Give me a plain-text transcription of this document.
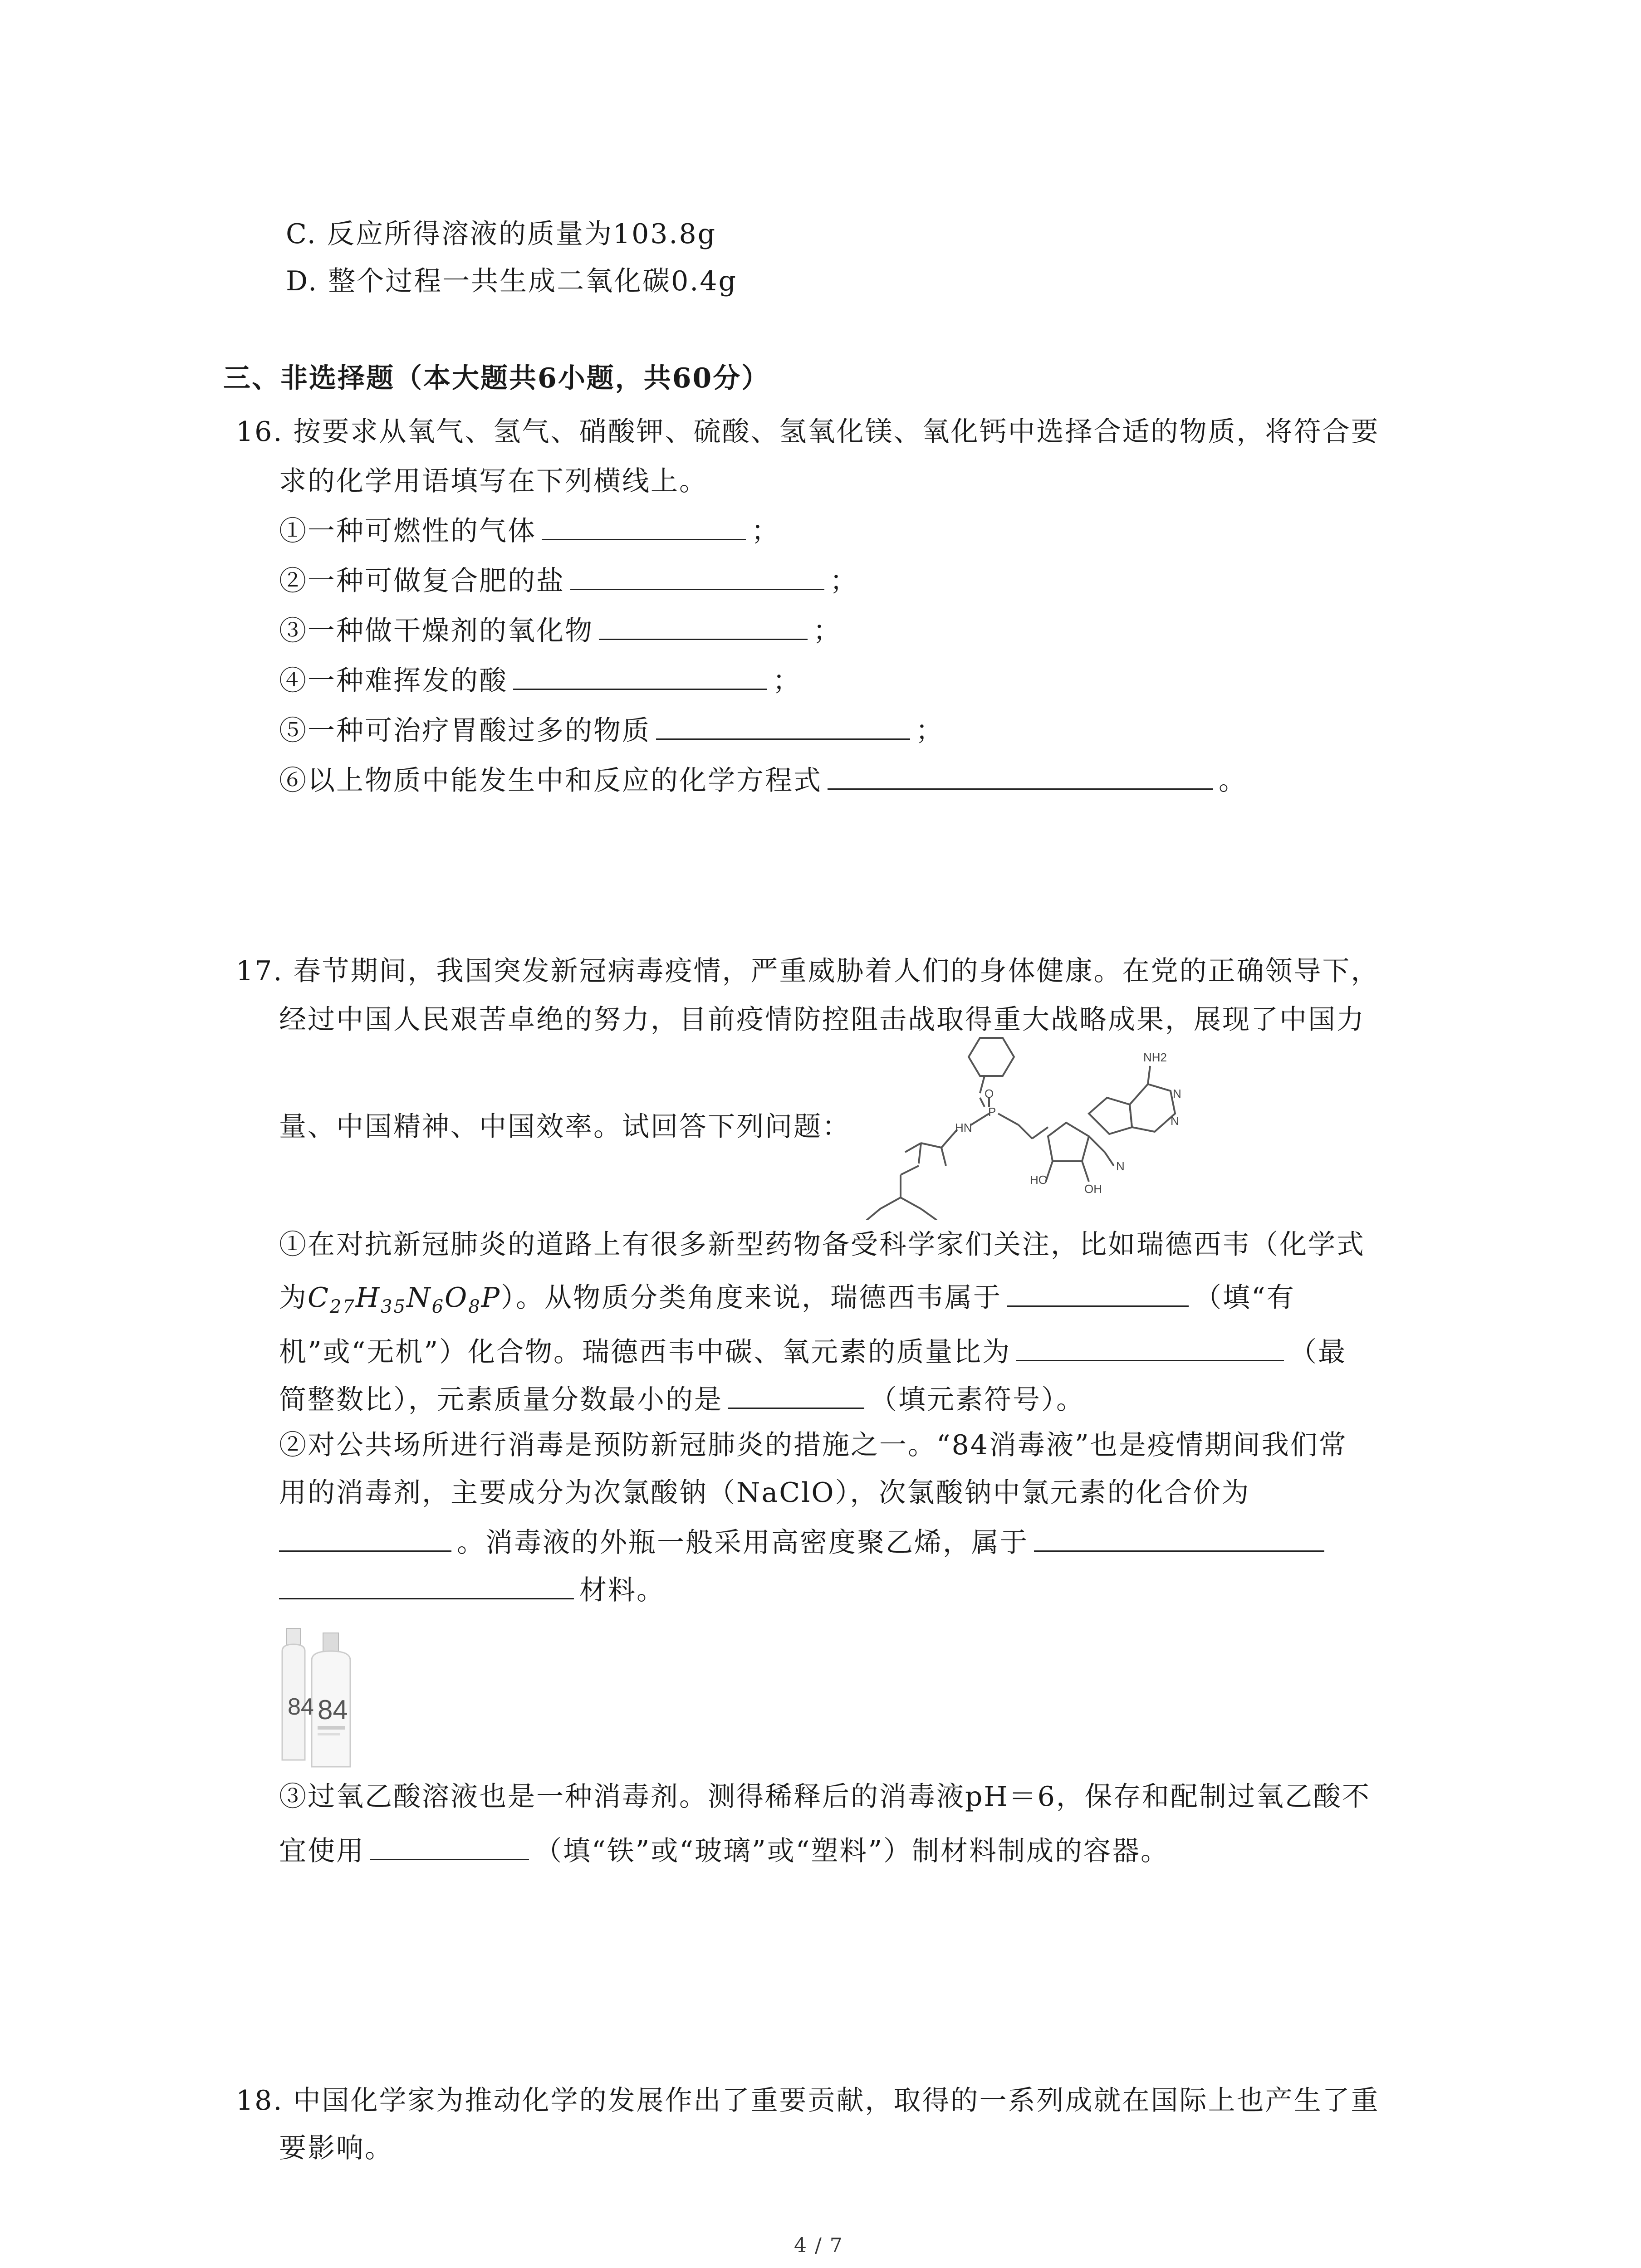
C. 反应所得溶液的质量为103.8g
D. 整个过程一共生成二氧化碳0.4g
三、非选择题（本大题共6小题，共60分）
16. 按要求从氧气、氢气、硝酸钾、硫酸、氢氧化镁、氧化钙中选择合适的物质，将符合要
求的化学用语填写在下列横线上。
①一种可燃性的气体	；
②一种可做复合肥的盐	；
③一种做干燥剂的氧化物	；
④一种难挥发的酸	；
⑤一种可治疗胃酸过多的物质	；
⑥以上物质中能发生中和反应的化学方程式	。
17. 春节期间，我国突发新冠病毒疫情，严重威胁着人们的身体健康。在党的正确领导下，
经过中国人民艰苦卓绝的努力，目前疫情防控阻击战取得重大战略成果，展现了中国力
量、中国精神、中国效率。试回答下列问题：
O
P
HN
HO
OH
N
NH2
N
N
①在对抗新冠肺炎的道路上有很多新型药物备受科学家们关注，比如瑞德西韦（化学式
为$C_{27}H_{35}N_6O_8P$）。从物质分类角度来说，瑞德西韦属于	（填“有
机”或“无机”）化合物。瑞德西韦中碳、氧元素的质量比为	（最
简整数比），元素质量分数最小的是	（填元素符号）。
②对公共场所进行消毒是预防新冠肺炎的措施之一。“84消毒液”也是疫情期间我们常
用的消毒剂，主要成分为次氯酸钠（NaClO），次氯酸钠中氯元素的化合价为
。消毒液的外瓶一般采用高密度聚乙烯，属于
材料。
84 84
③过氧乙酸溶液也是一种消毒剂。测得稀释后的消毒液pH＝6，保存和配制过氧乙酸不
宜使用	（填“铁”或“玻璃”或“塑料”）制材料制成的容器。
18. 中国化学家为推动化学的发展作出了重要贡献，取得的一系列成就在国际上也产生了重
要影响。
4 / 7
